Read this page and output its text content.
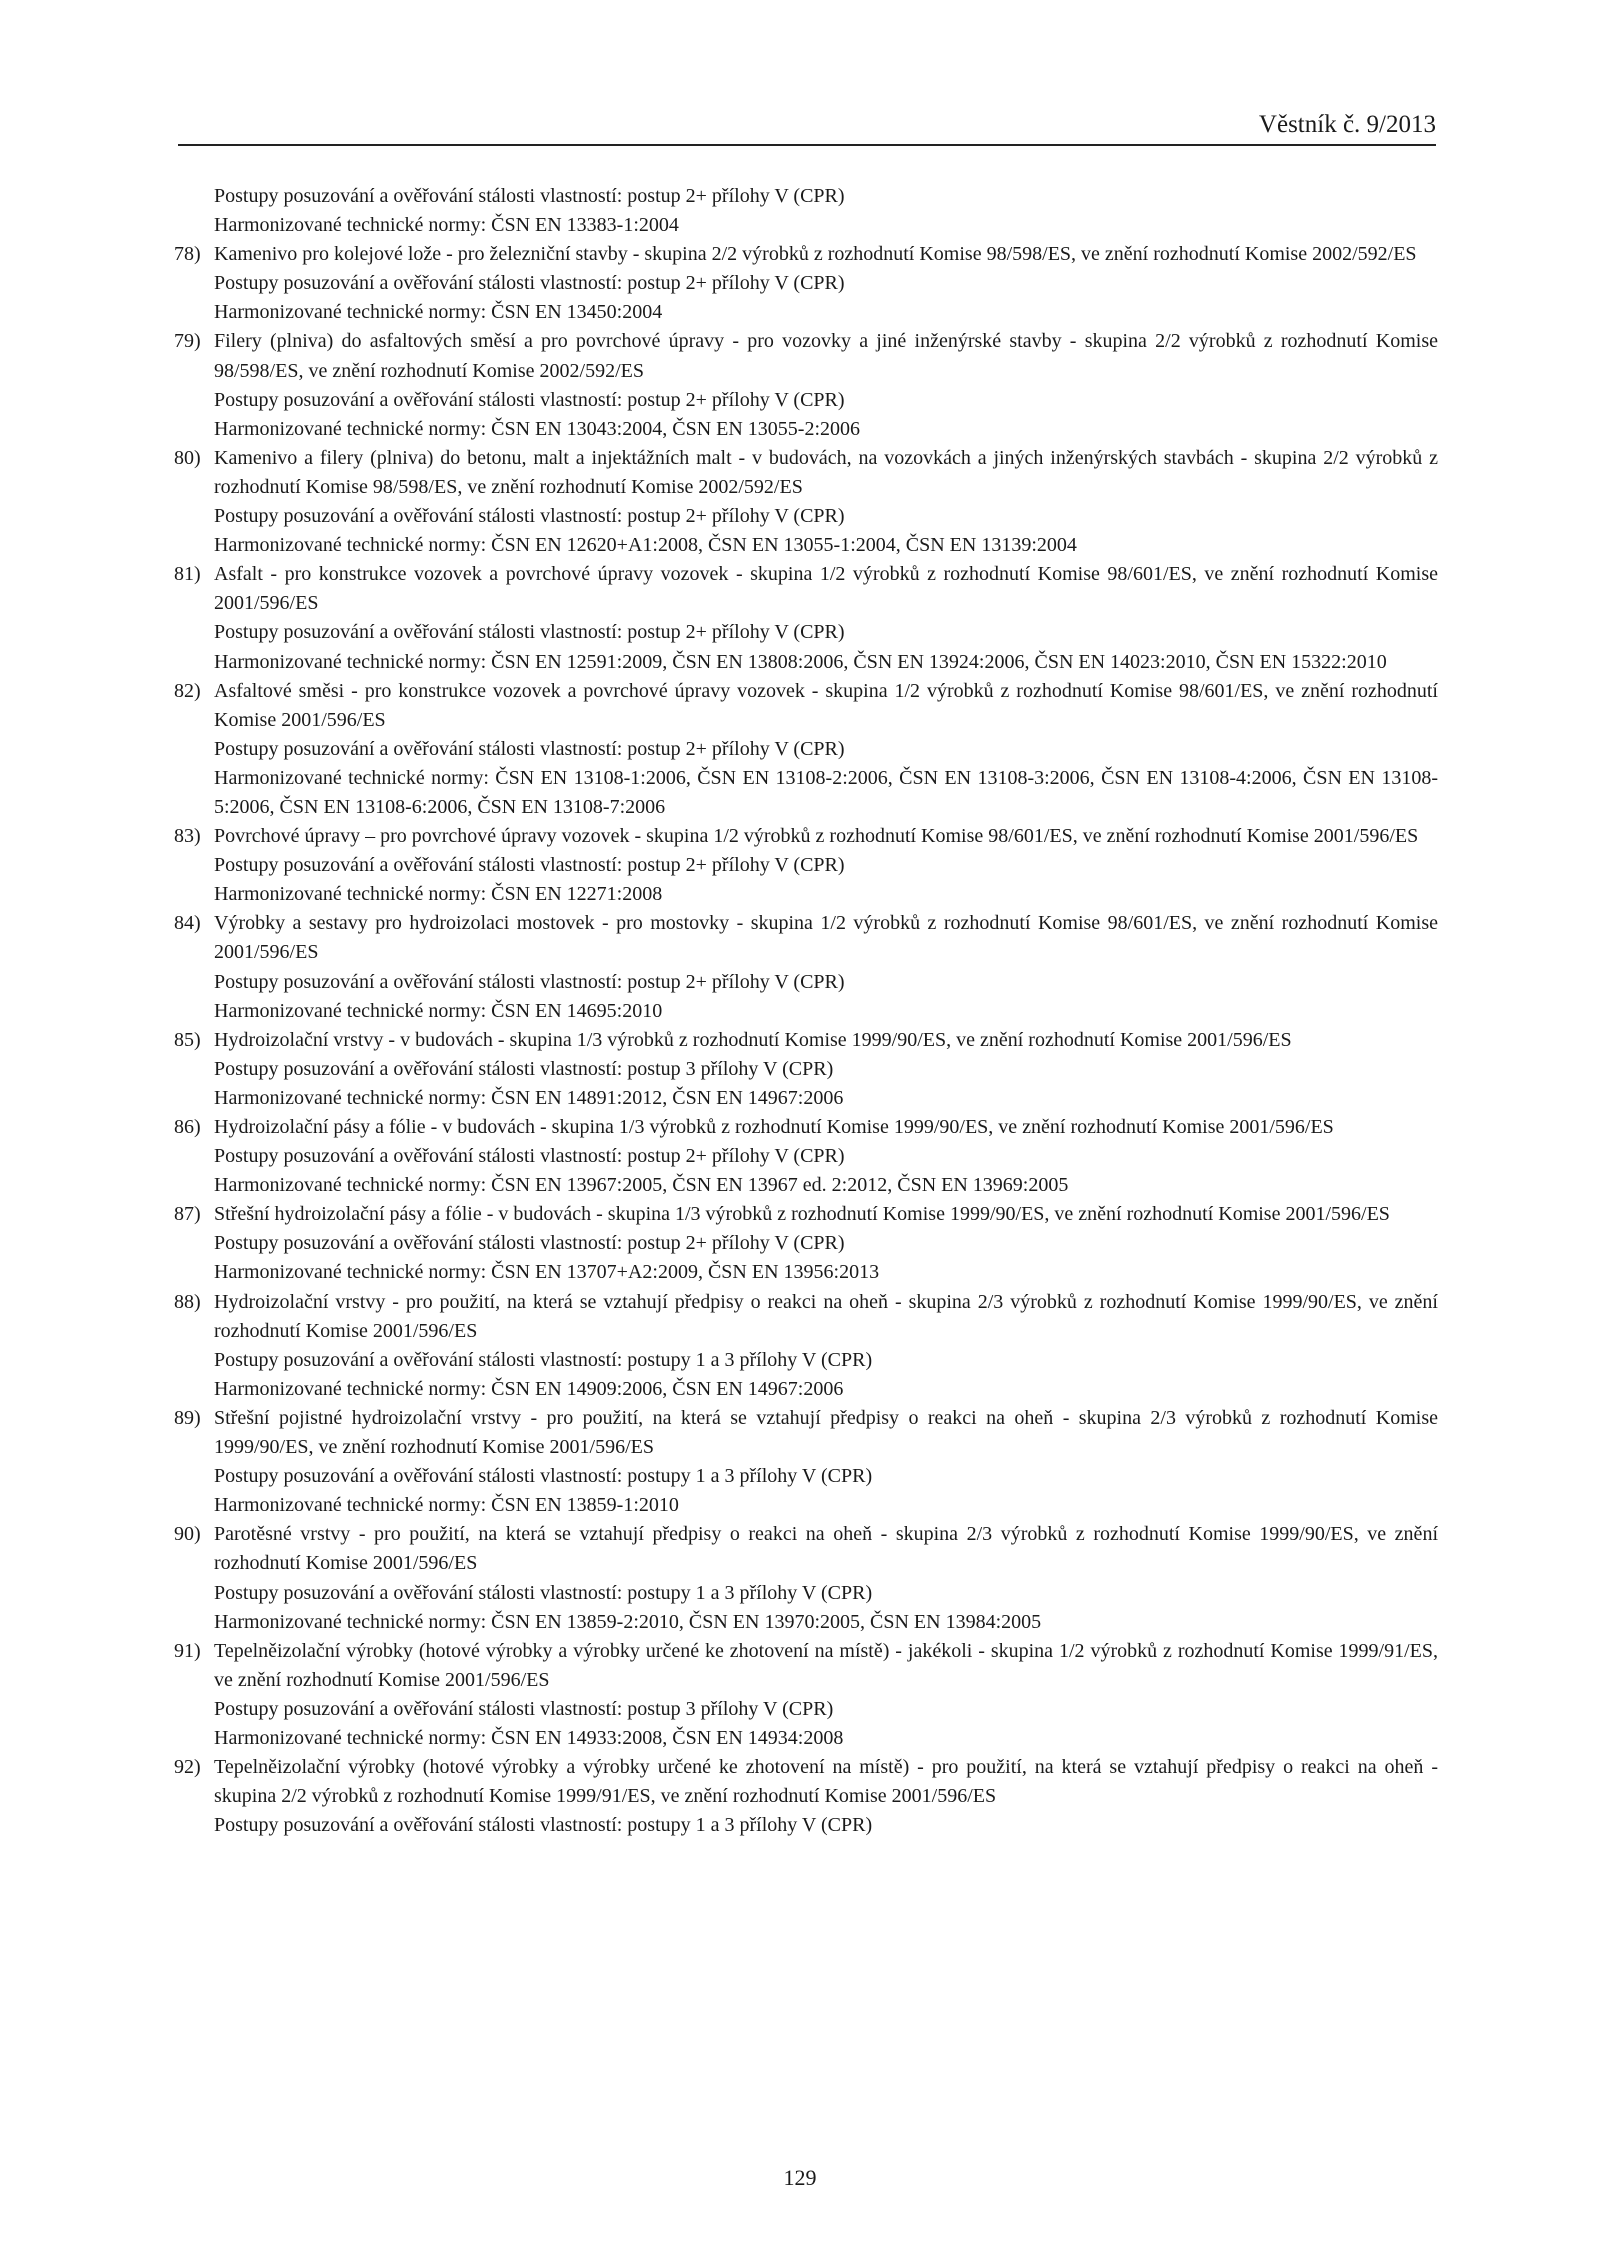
Věstník č. 9/2013
Postupy posuzování a ověřování stálosti vlastností: postup 2+ přílohy V (CPR)
Harmonizované technické normy: ČSN EN 13383-1:2004
78) Kamenivo pro kolejové lože - pro železniční stavby - skupina 2/2 výrobků z rozhodnutí Komise 98/598/ES, ve znění rozhodnutí Komise 2002/592/ES
Postupy posuzování a ověřování stálosti vlastností: postup 2+ přílohy V (CPR)
Harmonizované technické normy: ČSN EN 13450:2004
79) Filery (plniva) do asfaltových směsí a pro povrchové úpravy - pro vozovky a jiné inženýrské stavby - skupina 2/2 výrobků z rozhodnutí Komise 98/598/ES, ve znění rozhodnutí Komise 2002/592/ES
Postupy posuzování a ověřování stálosti vlastností: postup 2+ přílohy V (CPR)
Harmonizované technické normy: ČSN EN 13043:2004, ČSN EN 13055-2:2006
80) Kamenivo a filery (plniva) do betonu, malt a injektážních malt - v budovách, na vozovkách a jiných inženýrských stavbách - skupina 2/2 výrobků z rozhodnutí Komise 98/598/ES, ve znění rozhodnutí Komise 2002/592/ES
Postupy posuzování a ověřování stálosti vlastností: postup 2+ přílohy V (CPR)
Harmonizované technické normy: ČSN EN 12620+A1:2008, ČSN EN 13055-1:2004, ČSN EN 13139:2004
81) Asfalt - pro konstrukce vozovek a povrchové úpravy vozovek - skupina 1/2 výrobků z rozhodnutí Komise 98/601/ES, ve znění rozhodnutí Komise 2001/596/ES
Postupy posuzování a ověřování stálosti vlastností: postup 2+ přílohy V (CPR)
Harmonizované technické normy: ČSN EN 12591:2009, ČSN EN 13808:2006, ČSN EN 13924:2006, ČSN EN 14023:2010, ČSN EN 15322:2010
82) Asfaltové směsi - pro konstrukce vozovek a povrchové úpravy vozovek - skupina 1/2 výrobků z rozhodnutí Komise 98/601/ES, ve znění rozhodnutí Komise 2001/596/ES
Postupy posuzování a ověřování stálosti vlastností: postup 2+ přílohy V (CPR)
Harmonizované technické normy: ČSN EN 13108-1:2006, ČSN EN 13108-2:2006, ČSN EN 13108-3:2006, ČSN EN 13108-4:2006, ČSN EN 13108-5:2006, ČSN EN 13108-6:2006, ČSN EN 13108-7:2006
83) Povrchové úpravy – pro povrchové úpravy vozovek - skupina 1/2 výrobků z rozhodnutí Komise 98/601/ES, ve znění rozhodnutí Komise 2001/596/ES
Postupy posuzování a ověřování stálosti vlastností: postup 2+ přílohy V (CPR)
Harmonizované technické normy: ČSN EN 12271:2008
84) Výrobky a sestavy pro hydroizolaci mostovek - pro mostovky - skupina 1/2 výrobků z rozhodnutí Komise 98/601/ES, ve znění rozhodnutí Komise 2001/596/ES
Postupy posuzování a ověřování stálosti vlastností: postup 2+ přílohy V (CPR)
Harmonizované technické normy: ČSN EN 14695:2010
85) Hydroizolační vrstvy - v budovách - skupina 1/3 výrobků z rozhodnutí Komise 1999/90/ES, ve znění rozhodnutí Komise 2001/596/ES
Postupy posuzování a ověřování stálosti vlastností: postup 3 přílohy V (CPR)
Harmonizované technické normy: ČSN EN 14891:2012, ČSN EN 14967:2006
86) Hydroizolační pásy a fólie - v budovách - skupina 1/3 výrobků z rozhodnutí Komise 1999/90/ES, ve znění rozhodnutí Komise 2001/596/ES
Postupy posuzování a ověřování stálosti vlastností: postup 2+ přílohy V (CPR)
Harmonizované technické normy: ČSN EN 13967:2005, ČSN EN 13967 ed. 2:2012, ČSN EN 13969:2005
87) Střešní hydroizolační pásy a fólie - v budovách - skupina 1/3 výrobků z rozhodnutí Komise 1999/90/ES, ve znění rozhodnutí Komise 2001/596/ES
Postupy posuzování a ověřování stálosti vlastností: postup 2+ přílohy V (CPR)
Harmonizované technické normy: ČSN EN 13707+A2:2009, ČSN EN 13956:2013
88) Hydroizolační vrstvy - pro použití, na která se vztahují předpisy o reakci na oheň - skupina 2/3 výrobků z rozhodnutí Komise 1999/90/ES, ve znění rozhodnutí Komise 2001/596/ES
Postupy posuzování a ověřování stálosti vlastností: postupy 1 a 3 přílohy V (CPR)
Harmonizované technické normy: ČSN EN 14909:2006, ČSN EN 14967:2006
89) Střešní pojistné hydroizolační vrstvy - pro použití, na která se vztahují předpisy o reakci na oheň - skupina 2/3 výrobků z rozhodnutí Komise 1999/90/ES, ve znění rozhodnutí Komise 2001/596/ES
Postupy posuzování a ověřování stálosti vlastností: postupy 1 a 3 přílohy V (CPR)
Harmonizované technické normy: ČSN EN 13859-1:2010
90) Parotěsné vrstvy - pro použití, na která se vztahují předpisy o reakci na oheň - skupina 2/3 výrobků z rozhodnutí Komise 1999/90/ES, ve znění rozhodnutí Komise 2001/596/ES
Postupy posuzování a ověřování stálosti vlastností: postupy 1 a 3 přílohy V (CPR)
Harmonizované technické normy: ČSN EN 13859-2:2010, ČSN EN 13970:2005, ČSN EN 13984:2005
91) Tepelněizolační výrobky (hotové výrobky a výrobky určené ke zhotovení na místě) - jakékoli - skupina 1/2 výrobků z rozhodnutí Komise 1999/91/ES, ve znění rozhodnutí Komise 2001/596/ES
Postupy posuzování a ověřování stálosti vlastností: postup 3 přílohy V (CPR)
Harmonizované technické normy: ČSN EN 14933:2008, ČSN EN 14934:2008
92) Tepelněizolační výrobky (hotové výrobky a výrobky určené ke zhotovení na místě) - pro použití, na která se vztahují předpisy o reakci na oheň - skupina 2/2 výrobků z rozhodnutí Komise 1999/91/ES, ve znění rozhodnutí Komise 2001/596/ES
Postupy posuzování a ověřování stálosti vlastností: postupy 1 a 3 přílohy V (CPR)
129
